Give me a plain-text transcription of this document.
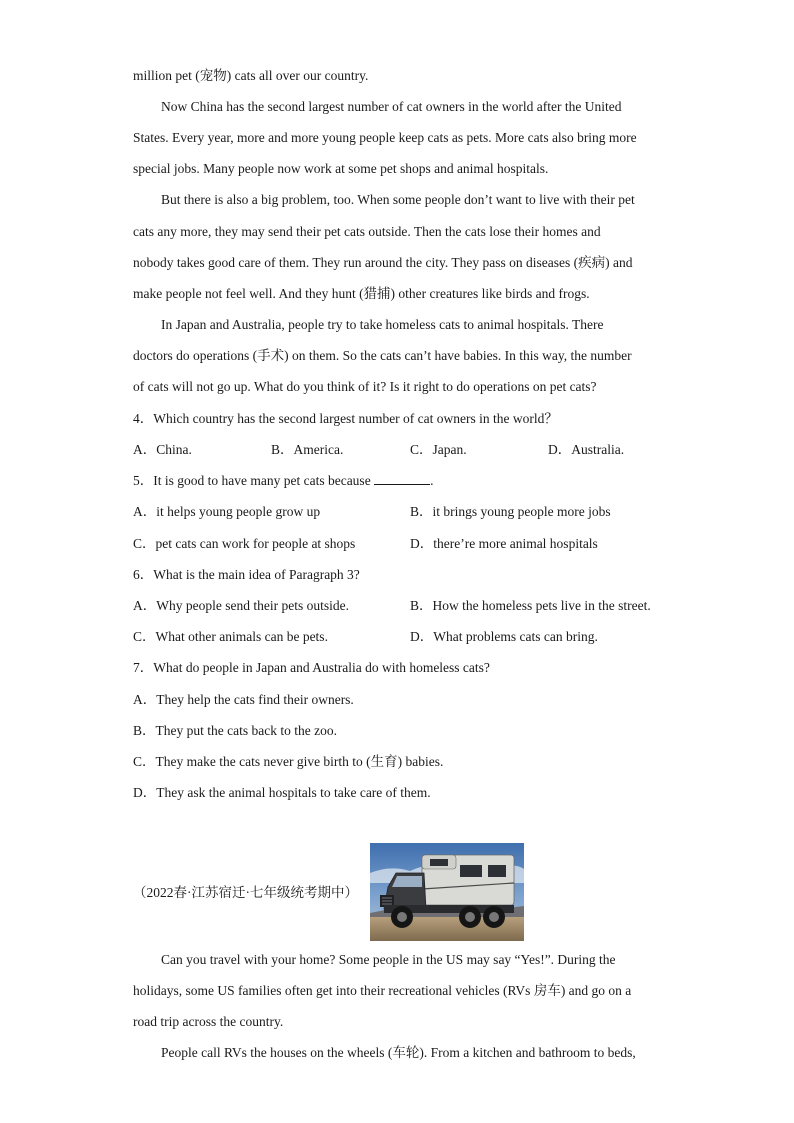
million pet (宠物) cats all over our country.
Now China has the second largest number of cat owners in the world after the United
States. Every year, more and more young people keep cats as pets. More cats also bring more
special jobs. Many people now work at some pet shops and animal hospitals.
But there is also a big problem, too. When some people don’t want to live with their pet
cats any more, they may send their pet cats outside. Then the cats lose their homes and
nobody takes good care of them. They run around the city. They pass on diseases (疾病) and
make people not feel well. And they hunt (猎捕) other creatures like birds and frogs.
In Japan and Australia, people try to take homeless cats to animal hospitals. There
doctors do operations (手术) on them. So the cats can’t have babies. In this way, the number
of cats will not go up. What do you think of it? Is it right to do operations on pet cats?
4．Which country has the second largest number of cat owners in the world？
A．China.	B．America.	C．Japan.	D．Australia.
5．It is good to have many pet cats because	.
A．it helps young people grow up	B．it brings young people more jobs
C．pet cats can work for people at shops	D．there’re more animal hospitals
6．What is the main idea of Paragraph 3?
A．Why people send their pets outside.	B．How the homeless pets live in the street.
C．What other animals can be pets.	D．What problems cats can bring.
7．What do people in Japan and Australia do with homeless cats?
A．They help the cats find their owners.
B．They put the cats back to the zoo.
C．They make the cats never give birth to (生育) babies.
D．They ask the animal hospitals to take care of them.
（2022春·江苏宿迁·七年级统考期中）
Can you travel with your home? Some people in the US may say “Yes!”. During the
holidays, some US families often get into their recreational vehicles (RVs 房车) and go on a
road trip across the country.
People call RVs the houses on the wheels (车轮). From a kitchen and bathroom to beds,
